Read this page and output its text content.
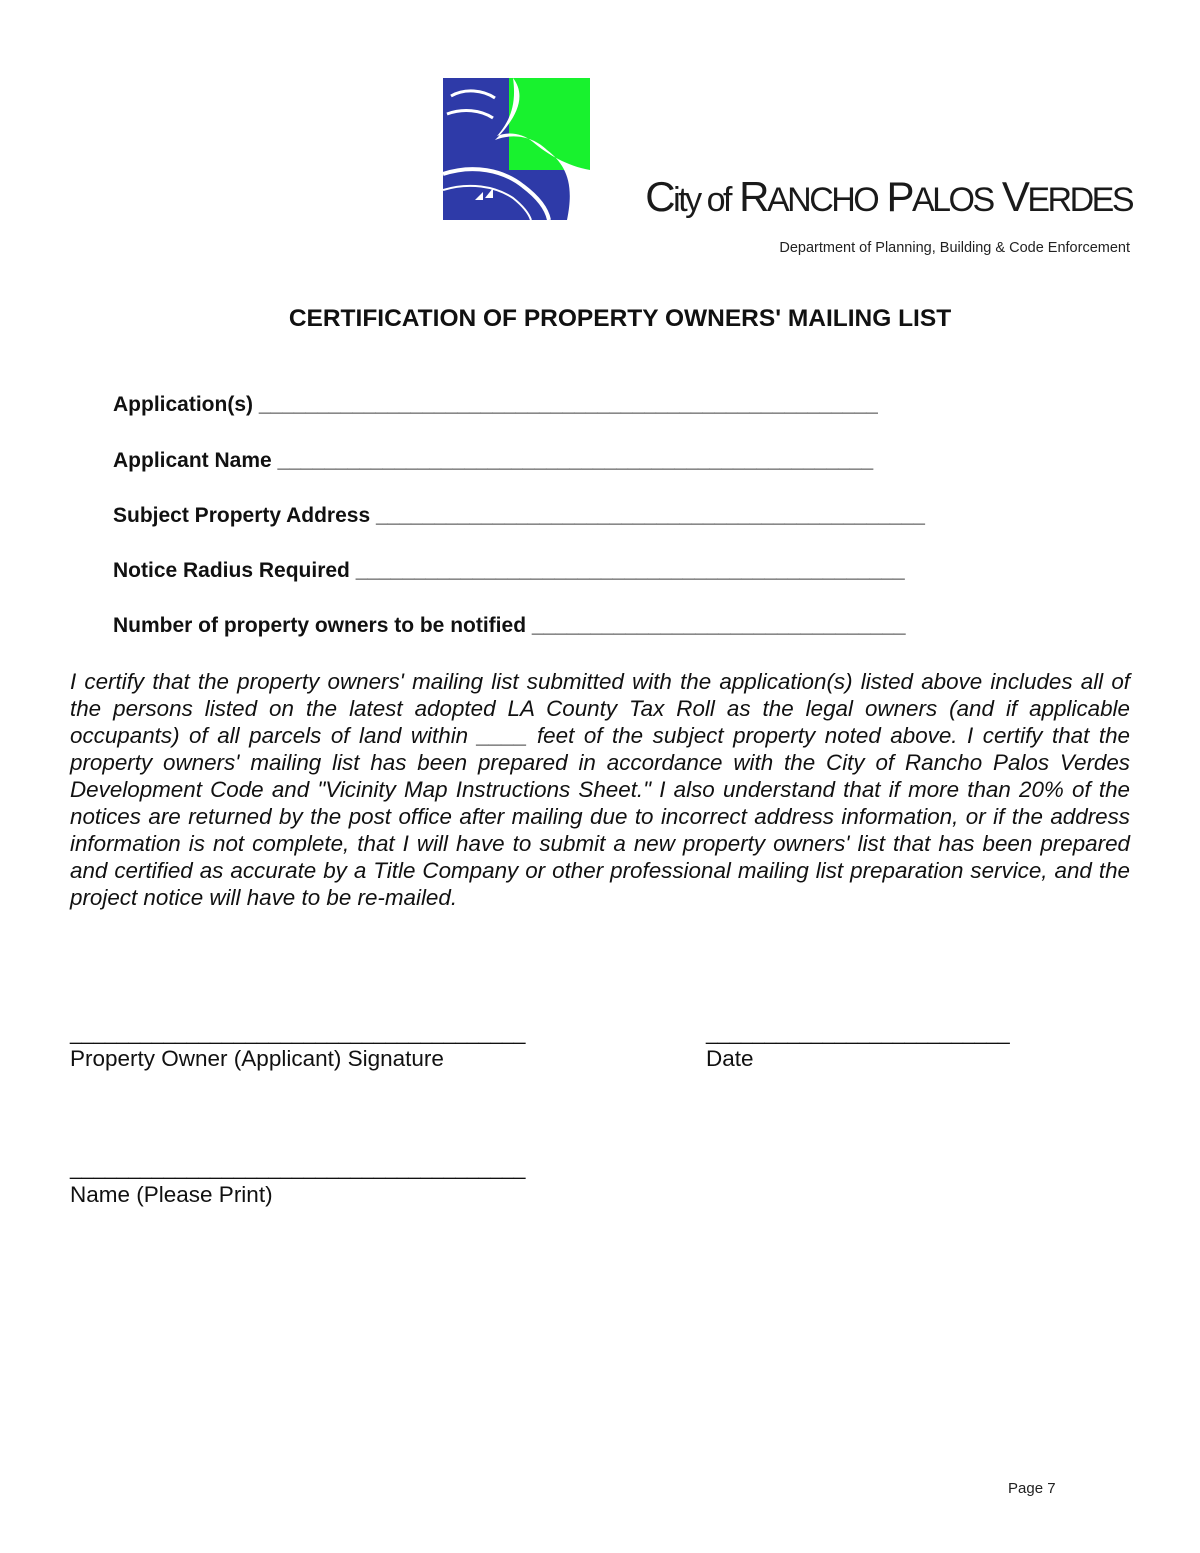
City of RANCHO PALOS VERDES
Department of Planning, Building & Code Enforcement
CERTIFICATION OF PROPERTY OWNERS' MAILING LIST
Application(s) _____________________________________________________
Applicant Name ___________________________________________________
Subject Property Address _______________________________________________
Notice Radius Required _______________________________________________
Number of property owners to be notified ________________________________

I certify that the property owners' mailing list submitted with the application(s) listed above includes all of the persons listed on the latest adopted LA County Tax Roll as the legal owners (and if applicable occupants) of all parcels of land within ____ feet of the subject property noted above. I certify that the property owners' mailing list has been prepared in accordance with the City of Rancho Palos Verdes Development Code and "Vicinity Map Instructions Sheet." I also understand that if more than 20% of the notices are returned by the post office after mailing due to incorrect address information, or if the address information is not complete, that I will have to submit a new property owners' list that has been prepared and certified as accurate by a Title Company or other professional mailing list preparation service, and the project notice will have to be re-mailed.

_______________________________________
Property Owner (Applicant) Signature
__________________________
Date
_______________________________________
Name (Please Print)
Page 7
